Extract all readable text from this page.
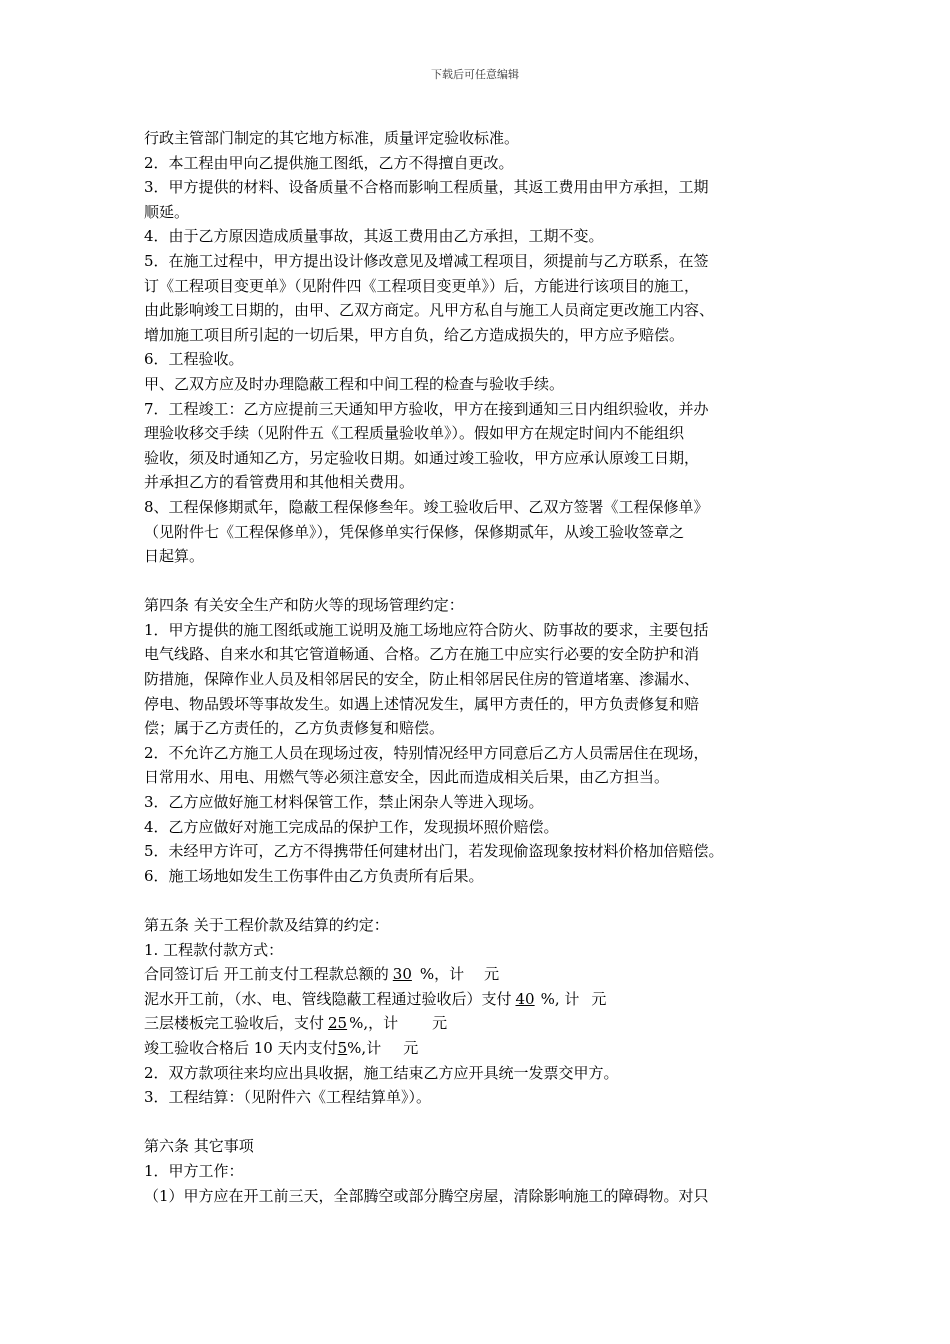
下载后可任意编辑

行政主管部门制定的其它地方标准，质量评定验收标准。

2．本工程由甲向乙提供施工图纸，乙方不得擅自更改。

3．甲方提供的材料、设备质量不合格而影响工程质量，其返工费用由甲方承担，工期

顺延。

4．由于乙方原因造成质量事故，其返工费用由乙方承担，工期不变。

5．在施工过程中，甲方提出设计修改意见及增减工程项目，须提前与乙方联系，在签

订《工程项目变更单》（见附件四《工程项目变更单》）后，方能进行该项目的施工，

由此影响竣工日期的，由甲、乙双方商定。凡甲方私自与施工人员商定更改施工内容、

增加施工项目所引起的一切后果，甲方自负，给乙方造成损失的，甲方应予赔偿。

6．工程验收。

甲、乙双方应及时办理隐蔽工程和中间工程的检查与验收手续。

7．工程竣工：乙方应提前三天通知甲方验收，甲方在接到通知三日内组织验收，并办

理验收移交手续（见附件五《工程质量验收单》）。假如甲方在规定时间内不能组织

验收，须及时通知乙方，另定验收日期。如通过竣工验收，甲方应承认原竣工日期，

并承担乙方的看管费用和其他相关费用。

8、工程保修期贰年，隐蔽工程保修叁年。竣工验收后甲、乙双方签署《工程保修单》

（见附件七《工程保修单》），凭保修单实行保修，保修期贰年，从竣工验收签章之

日起算。

第四条 有关安全生产和防火等的现场管理约定：

1．甲方提供的施工图纸或施工说明及施工场地应符合防火、防事故的要求，主要包括

电气线路、自来水和其它管道畅通、合格。乙方在施工中应实行必要的安全防护和消

防措施，保障作业人员及相邻居民的安全，防止相邻居民住房的管道堵塞、渗漏水、

停电、物品毁坏等事故发生。如遇上述情况发生，属甲方责任的，甲方负责修复和赔

偿；属于乙方责任的，乙方负责修复和赔偿。

2．不允许乙方施工人员在现场过夜，特别情况经甲方同意后乙方人员需居住在现场，

日常用水、用电、用燃气等必须注意安全，因此而造成相关后果，由乙方担当。

3．乙方应做好施工材料保管工作，禁止闲杂人等进入现场。

4．乙方应做好对施工完成品的保护工作，发现损坏照价赔偿。

5．未经甲方许可，乙方不得携带任何建材出门，若发现偷盗现象按材料价格加倍赔偿。

6．施工场地如发生工伤事件由乙方负责所有后果。

第五条 关于工程价款及结算的约定：

1. 工程款付款方式：

合同签订后 开工前支付工程款总额的 30 %，计 元

泥水开工前，（水、电、管线隐蔽工程通过验收后）支付 40 %, 计 元

三层楼板完工验收后，支付 25 %,，计 元

竣工验收合格后 10 天内支付5%,计 元

2．双方款项往来均应出具收据，施工结束乙方应开具统一发票交甲方。

3．工程结算：（见附件六《工程结算单》）。

第六条 其它事项

1．甲方工作：

（1）甲方应在开工前三天，全部腾空或部分腾空房屋，清除影响施工的障碍物。对只
